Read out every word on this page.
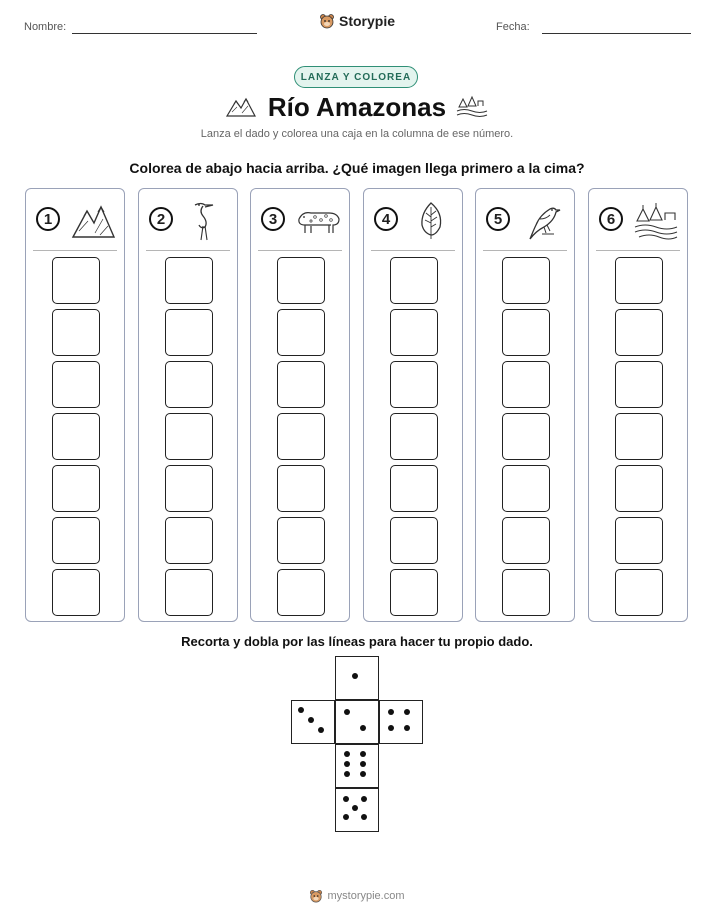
Nombre:	Storypie	Fecha:
LANZA Y COLOREA
Río Amazonas
Lanza el dado y colorea una caja en la columna de ese número.
Colorea de abajo hacia arriba. ¿Qué imagen llega primero a la cima?
1	2	3	4	5	6
Recorta y dobla por las líneas para hacer tu propio dado.
mystorypie.com
